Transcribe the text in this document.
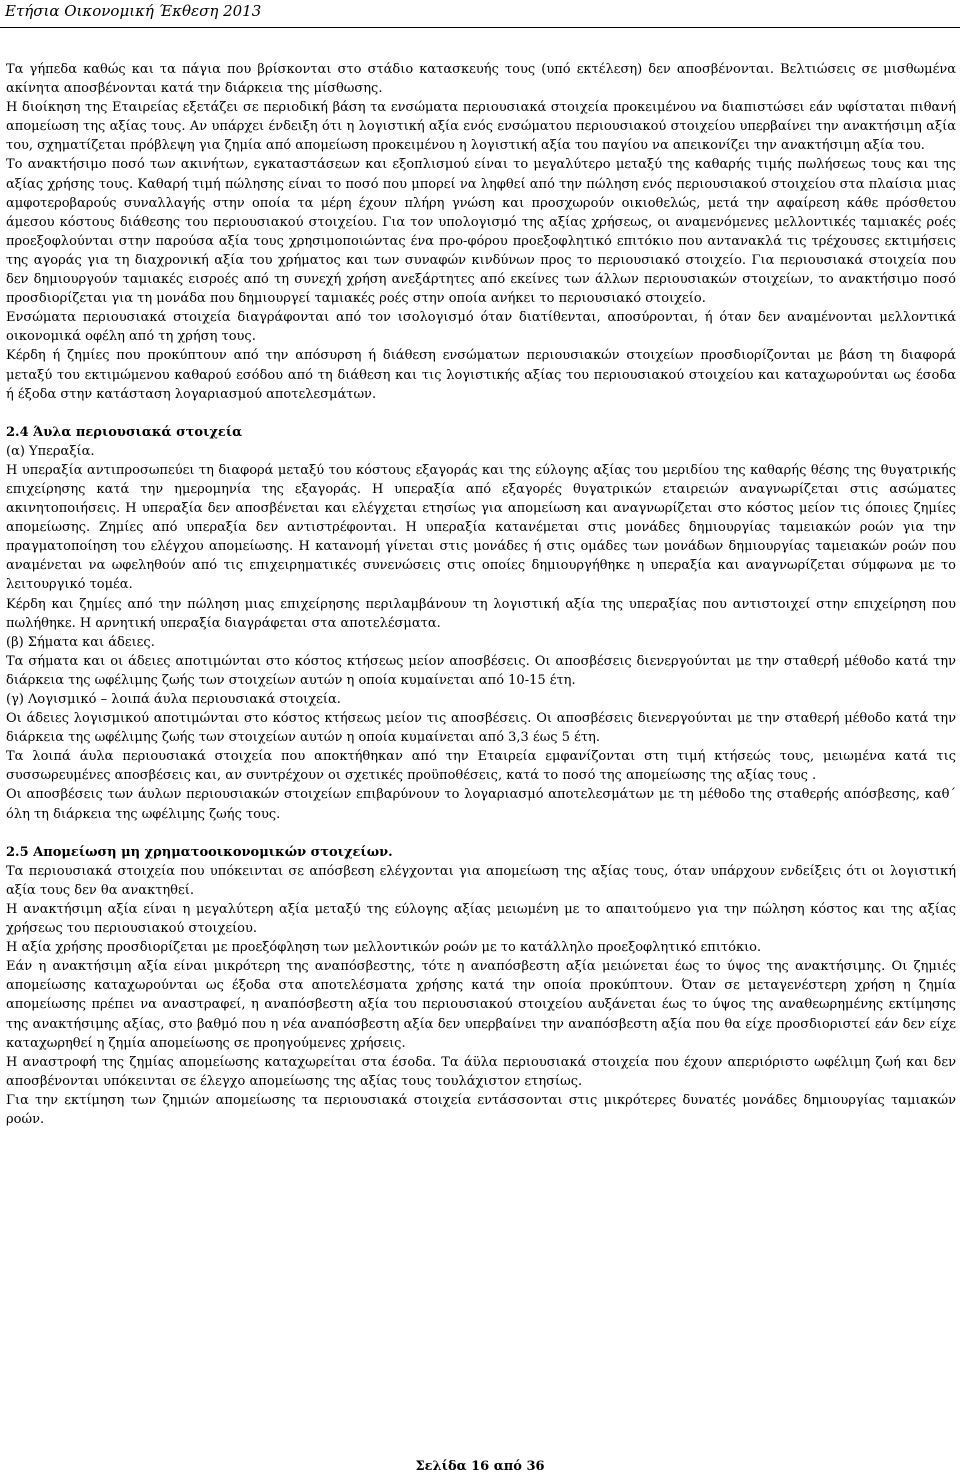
Ετήσια Οικονομική Έκθεση 2013

Τα γήπεδα καθώς και τα πάγια που βρίσκονται στο στάδιο κατασκευής τους (υπό εκτέλεση) δεν αποσβένονται. Βελτιώσεις σε μισθωμένα ακίνητα αποσβένονται κατά την διάρκεια της μίσθωσης.

Η διοίκηση της Εταιρείας εξετάζει σε περιοδική βάση τα ενσώματα περιουσιακά στοιχεία προκειμένου να διαπιστώσει εάν υφίσταται πιθανή απομείωση της αξίας τους. Αν υπάρχει ένδειξη ότι η λογιστική αξία ενός ενσώματου περιουσιακού στοιχείου υπερβαίνει την ανακτήσιμη αξία του, σχηματίζεται πρόβλεψη για ζημία από απομείωση προκειμένου η λογιστική αξία του παγίου να απεικονίζει την ανακτήσιμη αξία του.

Το ανακτήσιμο ποσό των ακινήτων, εγκαταστάσεων και εξοπλισμού είναι το μεγαλύτερο μεταξύ της καθαρής τιμής πωλήσεως τους και της αξίας χρήσης τους. Καθαρή τιμή πώλησης είναι το ποσό που μπορεί να ληφθεί από την πώληση ενός περιουσιακού στοιχείου στα πλαίσια μιας αμφοτεροβαρούς συναλλαγής στην οποία τα μέρη έχουν πλήρη γνώση και προσχωρούν οικιοθελώς, μετά την αφαίρεση κάθε πρόσθετου άμεσου κόστους διάθεσης του περιουσιακού στοιχείου. Για τον υπολογισμό της αξίας χρήσεως, οι αναμενόμενες μελλοντικές ταμιακές ροές προεξοφλούνται στην παρούσα αξία τους χρησιμοποιώντας ένα προ-φόρου προεξοφλητικό επιτόκιο που αντανακλά τις τρέχουσες εκτιμήσεις της αγοράς για τη διαχρονική αξία του χρήματος και των συναφών κινδύνων προς το περιουσιακό στοιχείο. Για περιουσιακά στοιχεία που δεν δημιουργούν ταμιακές εισροές από τη συνεχή χρήση ανεξάρτητες από εκείνες των άλλων περιουσιακών στοιχείων, το ανακτήσιμο ποσό προσδιορίζεται για τη μονάδα που δημιουργεί ταμιακές ροές στην οποία ανήκει το περιουσιακό στοιχείο.

Ενσώματα περιουσιακά στοιχεία διαγράφονται από τον ισολογισμό όταν διατίθενται, αποσύρονται, ή όταν δεν αναμένονται μελλοντικά οικονομικά οφέλη από τη χρήση τους.

Κέρδη ή ζημίες που προκύπτουν από την απόσυρση ή διάθεση ενσώματων περιουσιακών στοιχείων προσδιορίζονται με βάση τη διαφορά μεταξύ του εκτιμώμενου καθαρού εσόδου από τη διάθεση και τις λογιστικής αξίας του περιουσιακού στοιχείου και καταχωρούνται ως έσοδα ή έξοδα στην κατάσταση λογαριασμού αποτελεσμάτων.

2.4 Άυλα περιουσιακά στοιχεία

(α) Υπεραξία.

Η υπεραξία αντιπροσωπεύει τη διαφορά μεταξύ του κόστους εξαγοράς και της εύλογης αξίας του μεριδίου της καθαρής θέσης της θυγατρικής επιχείρησης κατά την ημερομηνία της εξαγοράς. Η υπεραξία από εξαγορές θυγατρικών εταιρειών αναγνωρίζεται στις ασώματες ακινητοποιήσεις. Η υπεραξία δεν αποσβένεται και ελέγχεται ετησίως για απομείωση και αναγνωρίζεται στο κόστος μείον τις όποιες ζημίες απομείωσης. Ζημίες από υπεραξία δεν αντιστρέφονται. Η υπεραξία κατανέμεται στις μονάδες δημιουργίας ταμειακών ροών για την πραγματοποίηση του ελέγχου απομείωσης. Η κατανομή γίνεται στις μονάδες ή στις ομάδες των μονάδων δημιουργίας ταμειακών ροών που αναμένεται να ωφεληθούν από τις επιχειρηματικές συνενώσεις στις οποίες δημιουργήθηκε η υπεραξία και αναγνωρίζεται σύμφωνα με το λειτουργικό τομέα.

Κέρδη και ζημίες από την πώληση μιας επιχείρησης περιλαμβάνουν τη λογιστική αξία της υπεραξίας που αντιστοιχεί στην επιχείρηση που πωλήθηκε. Η αρνητική υπεραξία διαγράφεται στα αποτελέσματα.

(β) Σήματα και άδειες.

Τα σήματα και οι άδειες αποτιμώνται στο κόστος κτήσεως μείον αποσβέσεις. Οι αποσβέσεις διενεργούνται με την σταθερή μέθοδο κατά την διάρκεια της ωφέλιμης ζωής των στοιχείων αυτών η οποία κυμαίνεται από 10-15 έτη.

(γ) Λογισμικό – λοιπά άυλα περιουσιακά στοιχεία.

Οι άδειες λογισμικού αποτιμώνται στο κόστος κτήσεως μείον τις αποσβέσεις. Οι αποσβέσεις διενεργούνται με την σταθερή μέθοδο κατά την διάρκεια της ωφέλιμης ζωής των στοιχείων αυτών η οποία κυμαίνεται από 3,3 έως 5 έτη.

Τα λοιπά άυλα περιουσιακά στοιχεία που αποκτήθηκαν από την Εταιρεία εμφανίζονται στη τιμή κτήσεώς τους, μειωμένα κατά τις συσσωρευμένες αποσβέσεις και, αν συντρέχουν οι σχετικές προϋποθέσεις, κατά το ποσό της απομείωσης της αξίας τους .

Οι αποσβέσεις των άυλων περιουσιακών στοιχείων επιβαρύνουν το λογαριασμό αποτελεσμάτων με τη μέθοδο της σταθερής απόσβεσης, καθ΄ όλη τη διάρκεια της ωφέλιμης ζωής τους.

2.5 Απομείωση μη χρηματοοικονομικών στοιχείων.

Τα περιουσιακά στοιχεία που υπόκεινται σε απόσβεση ελέγχονται για απομείωση της αξίας τους, όταν υπάρχουν ενδείξεις ότι οι λογιστική αξία τους δεν θα ανακτηθεί.

Η ανακτήσιμη αξία είναι η μεγαλύτερη αξία μεταξύ της εύλογης αξίας μειωμένη με το απαιτούμενο για την πώληση κόστος και της αξίας χρήσεως του περιουσιακού στοιχείου.

Η αξία χρήσης προσδιορίζεται με προεξόφληση των μελλοντικών ροών με το κατάλληλο προεξοφλητικό επιτόκιο.

Εάν η ανακτήσιμη αξία είναι μικρότερη της αναπόσβεστης, τότε η αναπόσβεστη αξία μειώνεται έως το ύψος της ανακτήσιμης. Οι ζημιές απομείωσης καταχωρούνται ως έξοδα στα αποτελέσματα χρήσης κατά την οποία προκύπτουν. Όταν σε μεταγενέστερη χρήση η ζημία απομείωσης πρέπει να αναστραφεί, η αναπόσβεστη αξία του περιουσιακού στοιχείου αυξάνεται έως το ύψος της αναθεωρημένης εκτίμησης της ανακτήσιμης αξίας, στο βαθμό που η νέα αναπόσβεστη αξία δεν υπερβαίνει την αναπόσβεστη αξία που θα είχε προσδιοριστεί εάν δεν είχε καταχωρηθεί η ζημία απομείωσης σε προηγούμενες χρήσεις.

Η αναστροφή της ζημίας απομείωσης καταχωρείται στα έσοδα. Τα άϋλα περιουσιακά στοιχεία που έχουν απεριόριστο ωφέλιμη ζωή και δεν αποσβένονται υπόκεινται σε έλεγχο απομείωσης της αξίας τους τουλάχιστον ετησίως.

Για την εκτίμηση των ζημιών απομείωσης τα περιουσιακά στοιχεία εντάσσονται στις μικρότερες δυνατές μονάδες δημιουργίας ταμιακών ροών.

Σελίδα 16 από 36
